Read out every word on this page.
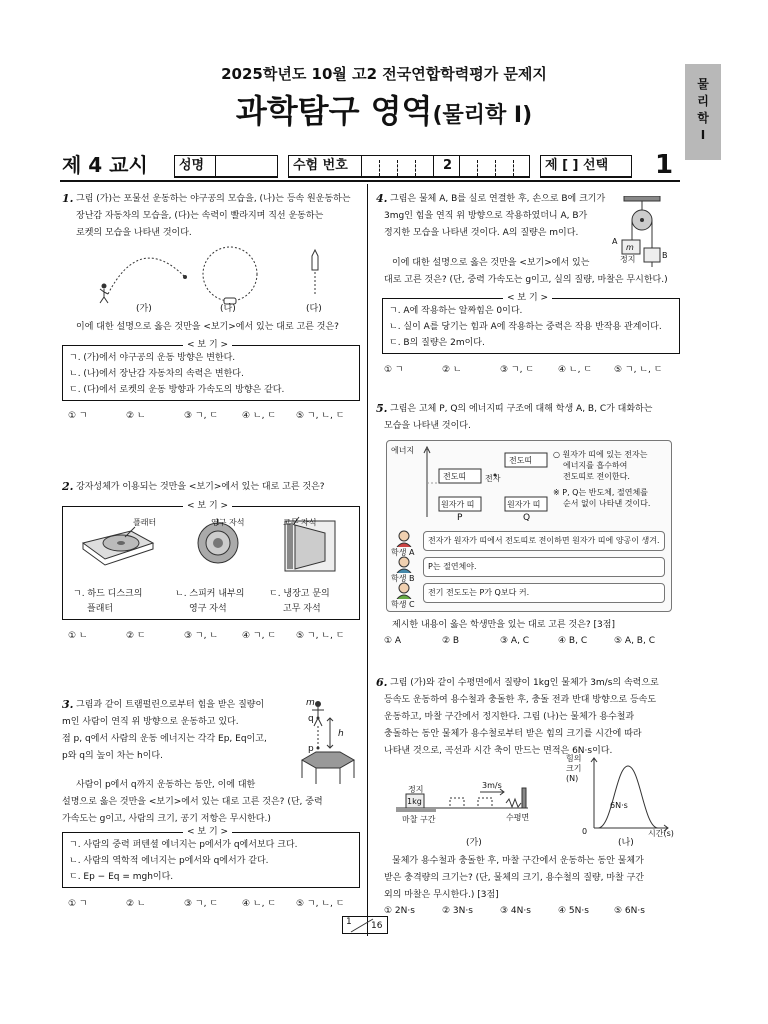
2025학년도 10월 고2 전국연합학력평가 문제지
과학탐구 영역(물리학 Ⅰ)
물
리
학
Ⅰ
제 4 교시 성명	수험 번호	2	제 [ ] 선택 1
1. 그림 (가)는 포물선 운동하는 야구공의 모습을, (나)는 등속 원운동하는
장난감 자동차의 모습을, (다)는 속력이 빨라지며 직선 운동하는
로켓의 모습을 나타낸 것이다.
(가)	(나)	(다)
이에 대한 설명으로 옳은 것만을 <보기>에서 있는 대로 고른 것은?
< 보 기 >
ㄱ. (가)에서 야구공의 운동 방향은 변한다.
ㄴ. (나)에서 장난감 자동차의 속력은 변한다.
ㄷ. (다)에서 로켓의 운동 방향과 가속도의 방향은 같다.
① ㄱ	② ㄴ	③ ㄱ, ㄷ	④ ㄴ, ㄷ ⑤ ㄱ, ㄴ, ㄷ
2. 강자성체가 이용되는 것만을 <보기>에서 있는 대로 고른 것은?
< 보 기 >
플래터	영구 자석	고무 자석
ㄱ. 하드 디스크의
플래터
ㄴ. 스피커 내부의
영구 자석
ㄷ. 냉장고 문의
고무 자석
① ㄴ	② ㄷ	③ ㄱ, ㄴ	④ ㄱ, ㄷ ⑤ ㄱ, ㄴ, ㄷ
3. 그림과 같이 트램펄린으로부터 힘을 받은 질량이
m인 사람이 연직 위 방향으로 운동하고 있다.
점 p, q에서 사람의 운동 에너지는 각각 Ep, Eq이고,
p와 q의 높이 차는 h이다.
m
q
h
p
사람이 p에서 q까지 운동하는 동안, 이에 대한
설명으로 옳은 것만을 <보기>에서 있는 대로 고른 것은? (단, 중력
가속도는 g이고, 사람의 크기, 공기 저항은 무시한다.)
< 보 기 >
ㄱ. 사람의 중력 퍼텐셜 에너지는 p에서가 q에서보다 크다.
ㄴ. 사람의 역학적 에너지는 p에서와 q에서가 같다.
ㄷ. Ep − Eq = mgh이다.
① ㄱ	② ㄴ	③ ㄱ, ㄷ	④ ㄴ, ㄷ ⑤ ㄱ, ㄴ, ㄷ
4. 그림은 물체 A, B를 실로 연결한 후, 손으로 B에 크기가
3mg인 힘을 연직 위 방향으로 작용하였더니 A, B가
정지한 모습을 나타낸 것이다. A의 질량은 m이다.
A
m
정지	B
이에 대한 설명으로 옳은 것만을 <보기>에서 있는
대로 고른 것은? (단, 중력 가속도는 g이고, 실의 질량, 마찰은 무시한다.)
< 보 기 >
ㄱ. A에 작용하는 알짜힘은 0이다.
ㄴ. 실이 A를 당기는 힘과 A에 작용하는 중력은 작용 반작용 관계이다.
ㄷ. B의 질량은 2m이다.
① ㄱ	② ㄴ	③ ㄱ, ㄷ	④ ㄴ, ㄷ ⑤ ㄱ, ㄴ, ㄷ
5. 그림은 고체 P, Q의 에너지띠 구조에 대해 학생 A, B, C가 대화하는
모습을 나타낸 것이다.
에너지
전도띠
전도띠
원자가 띠	원자가 띠
전자
P	Q
○ 원자가 띠에 있는 전자는
에너지를 흡수하여
전도띠로 전이한다.
※ P, Q는 반도체, 절연체를
순서 없이 나타낸 것이다.
학생 A
학생 B
학생 C
전자가 원자가 띠에서 전도띠로 전이하면 원자가 띠에 양공이 생겨.
P는 절연체야.
전기 전도도는 P가 Q보다 커.
제시한 내용이 옳은 학생만을 있는 대로 고른 것은? [3점]
① A	② B	③ A, C	④ B, C	⑤ A, B, C
6. 그림 (가)와 같이 수평면에서 질량이 1kg인 물체가 3m/s의 속력으로
등속도 운동하여 용수철과 충돌한 후, 충돌 전과 반대 방향으로 등속도
운동하고, 마찰 구간에서 정지한다. 그림 (나)는 물체가 용수철과
충돌하는 동안 물체가 용수철로부터 받은 힘의 크기를 시간에 따라
나타낸 것으로, 곡선과 시간 축이 만드는 면적은 6N·s이다.
정지
1kg
3m/s
마찰 구간	수평면
(가)
힘의
크기
(N)
6N·s
0	시간(s)
(나)
물체가 용수철과 충돌한 후, 마찰 구간에서 운동하는 동안 물체가
받은 충격량의 크기는? (단, 물체의 크기, 용수철의 질량, 마찰 구간
외의 마찰은 무시한다.) [3점]
① 2N·s	② 3N·s	③ 4N·s	④ 5N·s	⑤ 6N·s
1 16
